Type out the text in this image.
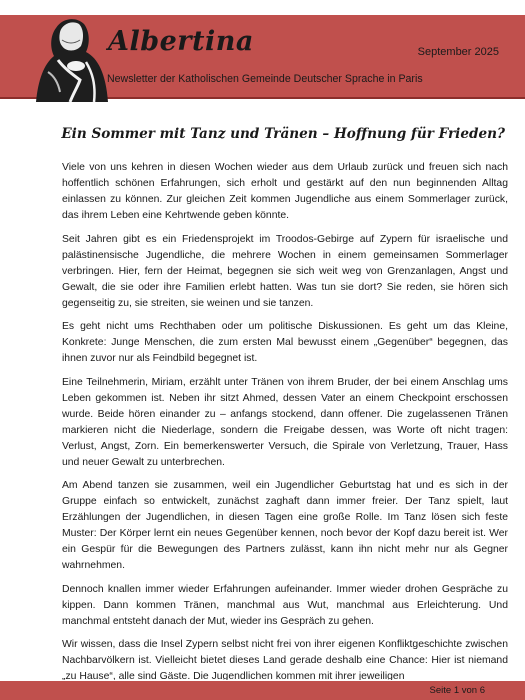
Albertina	September 2025
Newsletter der Katholischen Gemeinde Deutscher Sprache in Paris
Ein Sommer mit Tanz und Tränen – Hoffnung für Frieden?

Viele von uns kehren in diesen Wochen wieder aus dem Urlaub zurück und freuen sich nach hoffentlich schönen Erfahrungen, sich erholt und gestärkt auf den nun beginnenden Alltag einlassen zu können. Zur gleichen Zeit kommen Jugendliche aus einem Sommerlager zurück, das ihrem Leben eine Kehrtwende geben könnte.

Seit Jahren gibt es ein Friedensprojekt im Troodos-Gebirge auf Zypern für israelische und palästinensische Jugendliche, die mehrere Wochen in einem gemeinsamen Sommerlager verbringen. Hier, fern der Heimat, begegnen sie sich weit weg von Grenzanlagen, Angst und Gewalt, die sie oder ihre Familien erlebt hatten. Was tun sie dort? Sie reden, sie hören sich gegenseitig zu, sie streiten, sie weinen und sie tanzen.

Es geht nicht ums Rechthaben oder um politische Diskussionen. Es geht um das Kleine, Konkrete: Junge Menschen, die zum ersten Mal bewusst einem „Gegenüber“ begegnen, das ihnen zuvor nur als Feindbild begegnet ist.

Eine Teilnehmerin, Miriam, erzählt unter Tränen von ihrem Bruder, der bei einem Anschlag ums Leben gekommen ist. Neben ihr sitzt Ahmed, dessen Vater an einem Checkpoint erschossen wurde. Beide hören einander zu – anfangs stockend, dann offener. Die zugelassenen Tränen markieren nicht die Niederlage, sondern die Freigabe dessen, was Worte oft nicht tragen: Verlust, Angst, Zorn. Ein bemerkenswerter Versuch, die Spirale von Verletzung, Trauer, Hass und neuer Gewalt zu unterbrechen.

Am Abend tanzen sie zusammen, weil ein Jugendlicher Geburtstag hat und es sich in der Gruppe einfach so entwickelt, zunächst zaghaft dann immer freier. Der Tanz spielt, laut Erzählungen der Jugendlichen, in diesen Tagen eine große Rolle. Im Tanz lösen sich feste Muster: Der Körper lernt ein neues Gegenüber kennen, noch bevor der Kopf dazu bereit ist. Wer ein Gespür für die Bewegungen des Partners zulässt, kann ihn nicht mehr nur als Gegner wahrnehmen.

Dennoch knallen immer wieder Erfahrungen aufeinander. Immer wieder drohen Gespräche zu kippen. Dann kommen Tränen, manchmal aus Wut, manchmal aus Erleichterung. Und manchmal entsteht danach der Mut, wieder ins Gespräch zu gehen.

Wir wissen, dass die Insel Zypern selbst nicht frei von ihrer eigenen Konfliktgeschichte zwischen Nachbarvölkern ist. Vielleicht bietet dieses Land gerade deshalb eine Chance: Hier ist niemand „zu Hause“, alle sind Gäste. Die Jugendlichen kommen mit ihrer jeweiligen

Seite 1 von 6
